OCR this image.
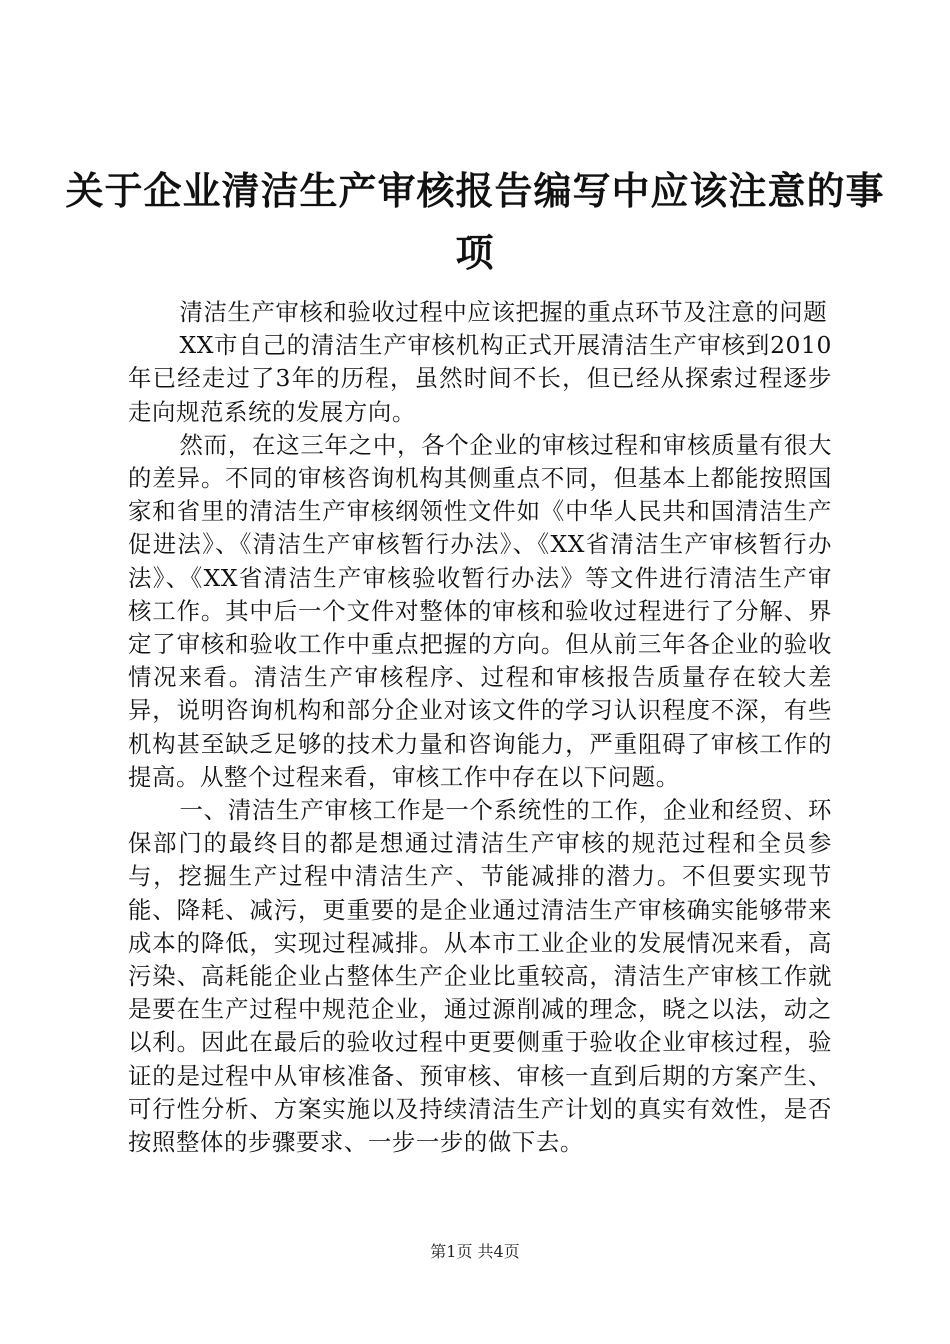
关于企业清洁生产审核报告编写中应该注意的事项

清洁生产审核和验收过程中应该把握的重点环节及注意的问题

XX市自己的清洁生产审核机构正式开展清洁生产审核到2010年已经走过了3年的历程，虽然时间不长，但已经从探索过程逐步走向规范系统的发展方向。

然而，在这三年之中，各个企业的审核过程和审核质量有很大的差异。不同的审核咨询机构其侧重点不同，但基本上都能按照国家和省里的清洁生产审核纲领性文件如《中华人民共和国清洁生产促进法》、《清洁生产审核暂行办法》、《XX省清洁生产审核暂行办法》、《XX省清洁生产审核验收暂行办法》等文件进行清洁生产审核工作。其中后一个文件对整体的审核和验收过程进行了分解、界定了审核和验收工作中重点把握的方向。但从前三年各企业的验收情况来看。清洁生产审核程序、过程和审核报告质量存在较大差异，说明咨询机构和部分企业对该文件的学习认识程度不深，有些机构甚至缺乏足够的技术力量和咨询能力，严重阻碍了审核工作的提高。从整个过程来看，审核工作中存在以下问题。

一、清洁生产审核工作是一个系统性的工作，企业和经贸、环保部门的最终目的都是想通过清洁生产审核的规范过程和全员参与，挖掘生产过程中清洁生产、节能减排的潜力。不但要实现节能、降耗、减污，更重要的是企业通过清洁生产审核确实能够带来成本的降低，实现过程减排。从本市工业企业的发展情况来看，高污染、高耗能企业占整体生产企业比重较高，清洁生产审核工作就是要在生产过程中规范企业，通过源削减的理念，晓之以法，动之以利。因此在最后的验收过程中更要侧重于验收企业审核过程，验证的是过程中从审核准备、预审核、审核一直到后期的方案产生、可行性分析、方案实施以及持续清洁生产计划的真实有效性，是否按照整体的步骤要求、一步一步的做下去。

第1页 共4页
